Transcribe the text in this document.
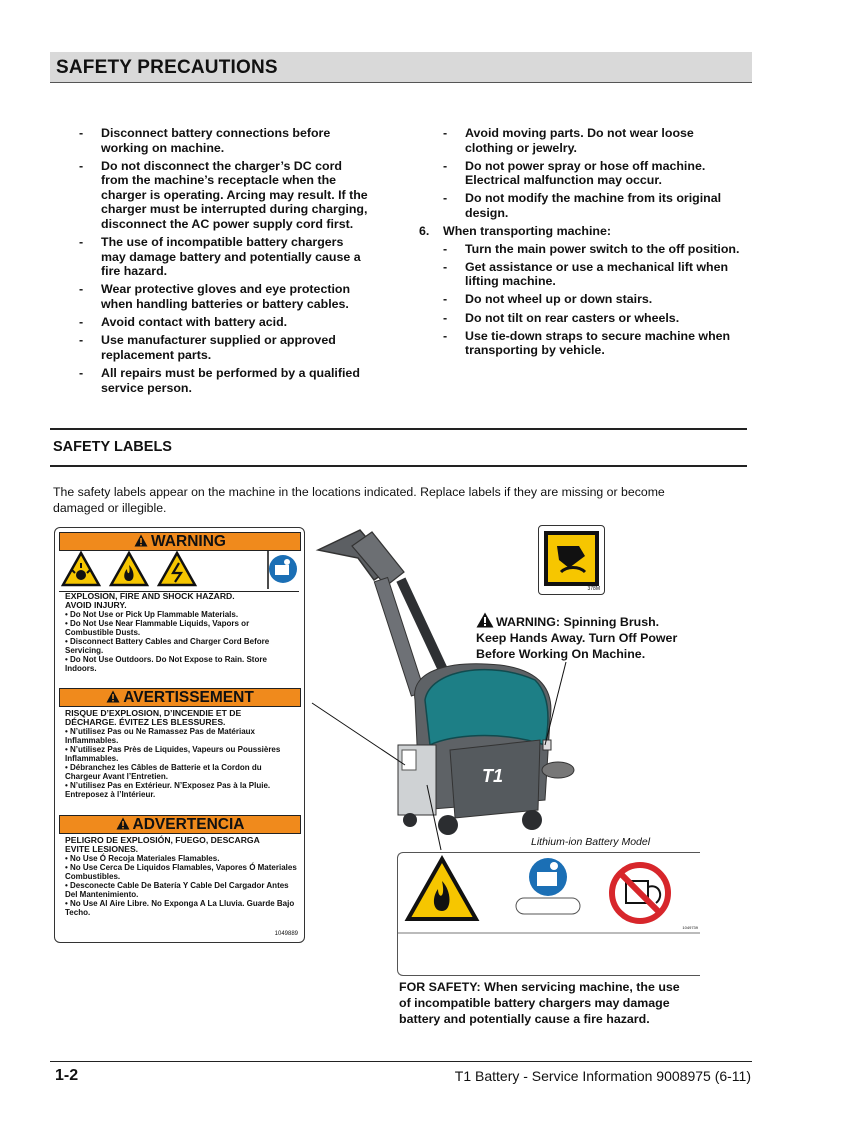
SAFETY PRECAUTIONS
- Disconnect battery connections before working on machine.
- Do not disconnect the charger’s DC cord from the machine’s receptacle when the charger is operating. Arcing may result. If the charger must be interrupted during charging, disconnect the AC power supply cord first.
- The use of incompatible battery chargers may damage battery and potentially cause a fire hazard.
- Wear protective gloves and eye protection when handling batteries or battery cables.
- Avoid contact with battery acid.
- Use manufacturer supplied or approved replacement parts.
- All repairs must be performed by a qualified service person.
- Avoid moving parts. Do not wear loose clothing or jewelry.
- Do not power spray or hose off machine. Electrical malfunction may occur.
- Do not modify the machine from its original design.
6. When transporting machine:
- Turn the main power switch to the off position.
- Get assistance or use a mechanical lift when lifting machine.
- Do not wheel up or down stairs.
- Do not tilt on rear casters or wheels.
- Use tie-down straps to secure machine when transporting by vehicle.
SAFETY LABELS
The safety labels appear on the machine in the locations indicated. Replace labels if they are missing or become damaged or illegible.
WARNING
EXPLOSION, FIRE AND SHOCK HAZARD.
AVOID INJURY.
• Do Not Use or Pick Up Flammable Materials.
• Do Not Use Near Flammable Liquids, Vapors or Combustible Dusts.
• Disconnect Battery Cables and Charger Cord Before Servicing.
• Do Not Use Outdoors. Do Not Expose to Rain. Store Indoors.
AVERTISSEMENT
RISQUE D’EXPLOSION, D’INCENDIE ET DE
DÉCHARGE. ÉVITEZ LES BLESSURES.
• N’utilisez Pas ou Ne Ramassez Pas de Matériaux Inflammables.
• N’utilisez Pas Près de Liquides, Vapeurs ou Poussières Inflammables.
• Débranchez les Câbles de Batterie et la Cordon du Chargeur Avant l’Entretien.
• N’utilisez Pas en Extérieur. N’Exposez Pas à la Pluie. Entreposez à l’Intérieur.
ADVERTENCIA
PELIGRO DE EXPLOSIÓN, FUEGO, DESCARGA
EVITE LESIONES.
• No Use Ó Recoja Materiales Flamables.
• No Use Cerca De Liquidos Flamables, Vapores Ó Materiales Combustibles.
• Desconecte Cable De Batería Y Cable Del Cargador Antes Del Mantenimiento.
• No Use Al Aire Libre. No Exponga A La Lluvia. Guarde Bajo Techo.
1049889
T1
378M
WARNING: Spinning Brush.
Keep Hands Away. Turn Off Power
Before Working On Machine.
Lithium-ion Battery Model
1049739
FOR SAFETY: When servicing machine, the use
of incompatible battery chargers may damage
battery and potentially cause a fire hazard.
1-2	T1 Battery - Service Information 9008975 (6-11)
